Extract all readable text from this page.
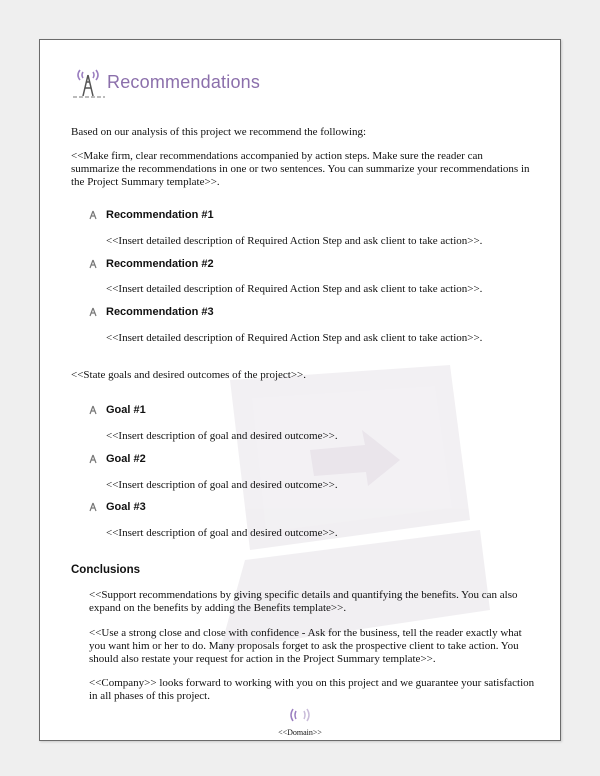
Recommendations
Based on our analysis of this project we recommend the following:
<<Make firm, clear recommendations accompanied by action steps. Make sure the reader can summarize the recommendations in one or two sentences. You can summarize your recommendations in the Project Summary template>>.
Recommendation #1
<<Insert detailed description of Required Action Step and ask client to take action>>.
Recommendation #2
<<Insert detailed description of Required Action Step and ask client to take action>>.
Recommendation #3
<<Insert detailed description of Required Action Step and ask client to take action>>.
<<State goals and desired outcomes of the project>>.
Goal #1
<<Insert description of goal and desired outcome>>.
Goal #2
<<Insert description of goal and desired outcome>>.
Goal #3
<<Insert description of goal and desired outcome>>.
Conclusions
<<Support recommendations by giving specific details and quantifying the benefits. You can also expand on the benefits by adding the Benefits template>>.
<<Use a strong close and close with confidence - Ask for the business, tell the reader exactly what you want him or her to do. Many proposals forget to ask the prospective client to take action. You should also restate your request for action in the Project Summary template>>.
<<Company>> looks forward to working with you on this project and we guarantee your satisfaction in all phases of this project.
<<Domain>>
